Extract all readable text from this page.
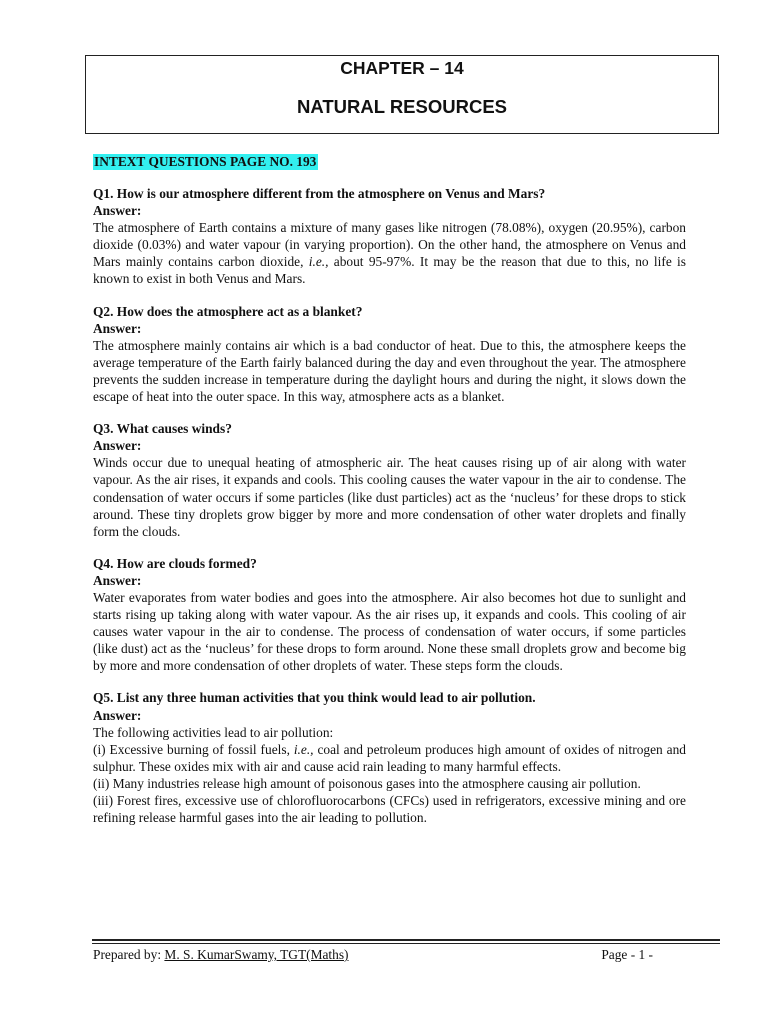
CHAPTER – 14
NATURAL RESOURCES
INTEXT QUESTIONS PAGE NO. 193

Q1. How is our atmosphere different from the atmosphere on Venus and Mars?

Answer:

The atmosphere of Earth contains a mixture of many gases like nitrogen (78.08%), oxygen (20.95%), carbon dioxide (0.03%) and water vapour (in varying proportion). On the other hand, the atmosphere on Venus and Mars mainly contains carbon dioxide, i.e., about 95-97%. It may be the reason that due to this, no life is known to exist in both Venus and Mars.

Q2. How does the atmosphere act as a blanket?

Answer:

The atmosphere mainly contains air which is a bad conductor of heat. Due to this, the atmosphere keeps the average temperature of the Earth fairly balanced during the day and even throughout the year. The atmosphere prevents the sudden increase in temperature during the daylight hours and during the night, it slows down the escape of heat into the outer space. In this way, atmosphere acts as a blanket.

Q3. What causes winds?

Answer:

Winds occur due to unequal heating of atmospheric air. The heat causes rising up of air along with water vapour. As the air rises, it expands and cools. This cooling causes the water vapour in the air to condense. The condensation of water occurs if some particles (like dust particles) act as the ‘nucleus’ for these drops to stick around. These tiny droplets grow bigger by more and more condensation of other water droplets and finally form the clouds.

Q4. How are clouds formed?

Answer:

Water evaporates from water bodies and goes into the atmosphere. Air also becomes hot due to sunlight and starts rising up taking along with water vapour. As the air rises up, it expands and cools. This cooling of air causes water vapour in the air to condense. The process of condensation of water occurs, if some particles (like dust) act as the ‘nucleus’ for these drops to form around. None these small droplets grow and become big by more and more condensation of other droplets of water. These steps form the clouds.

Q5. List any three human activities that you think would lead to air pollution.

Answer:

The following activities lead to air pollution:

(i) Excessive burning of fossil fuels, i.e., coal and petroleum produces high amount of oxides of nitrogen and sulphur. These oxides mix with air and cause acid rain leading to many harmful effects.

(ii) Many industries release high amount of poisonous gases into the atmosphere causing air pollution.

(iii) Forest fires, excessive use of chlorofluorocarbons (CFCs) used in refrigerators, excessive mining and ore refining release harmful gases into the air leading to pollution.

Prepared by: M. S. KumarSwamy, TGT(Maths)	Page - 1 -
